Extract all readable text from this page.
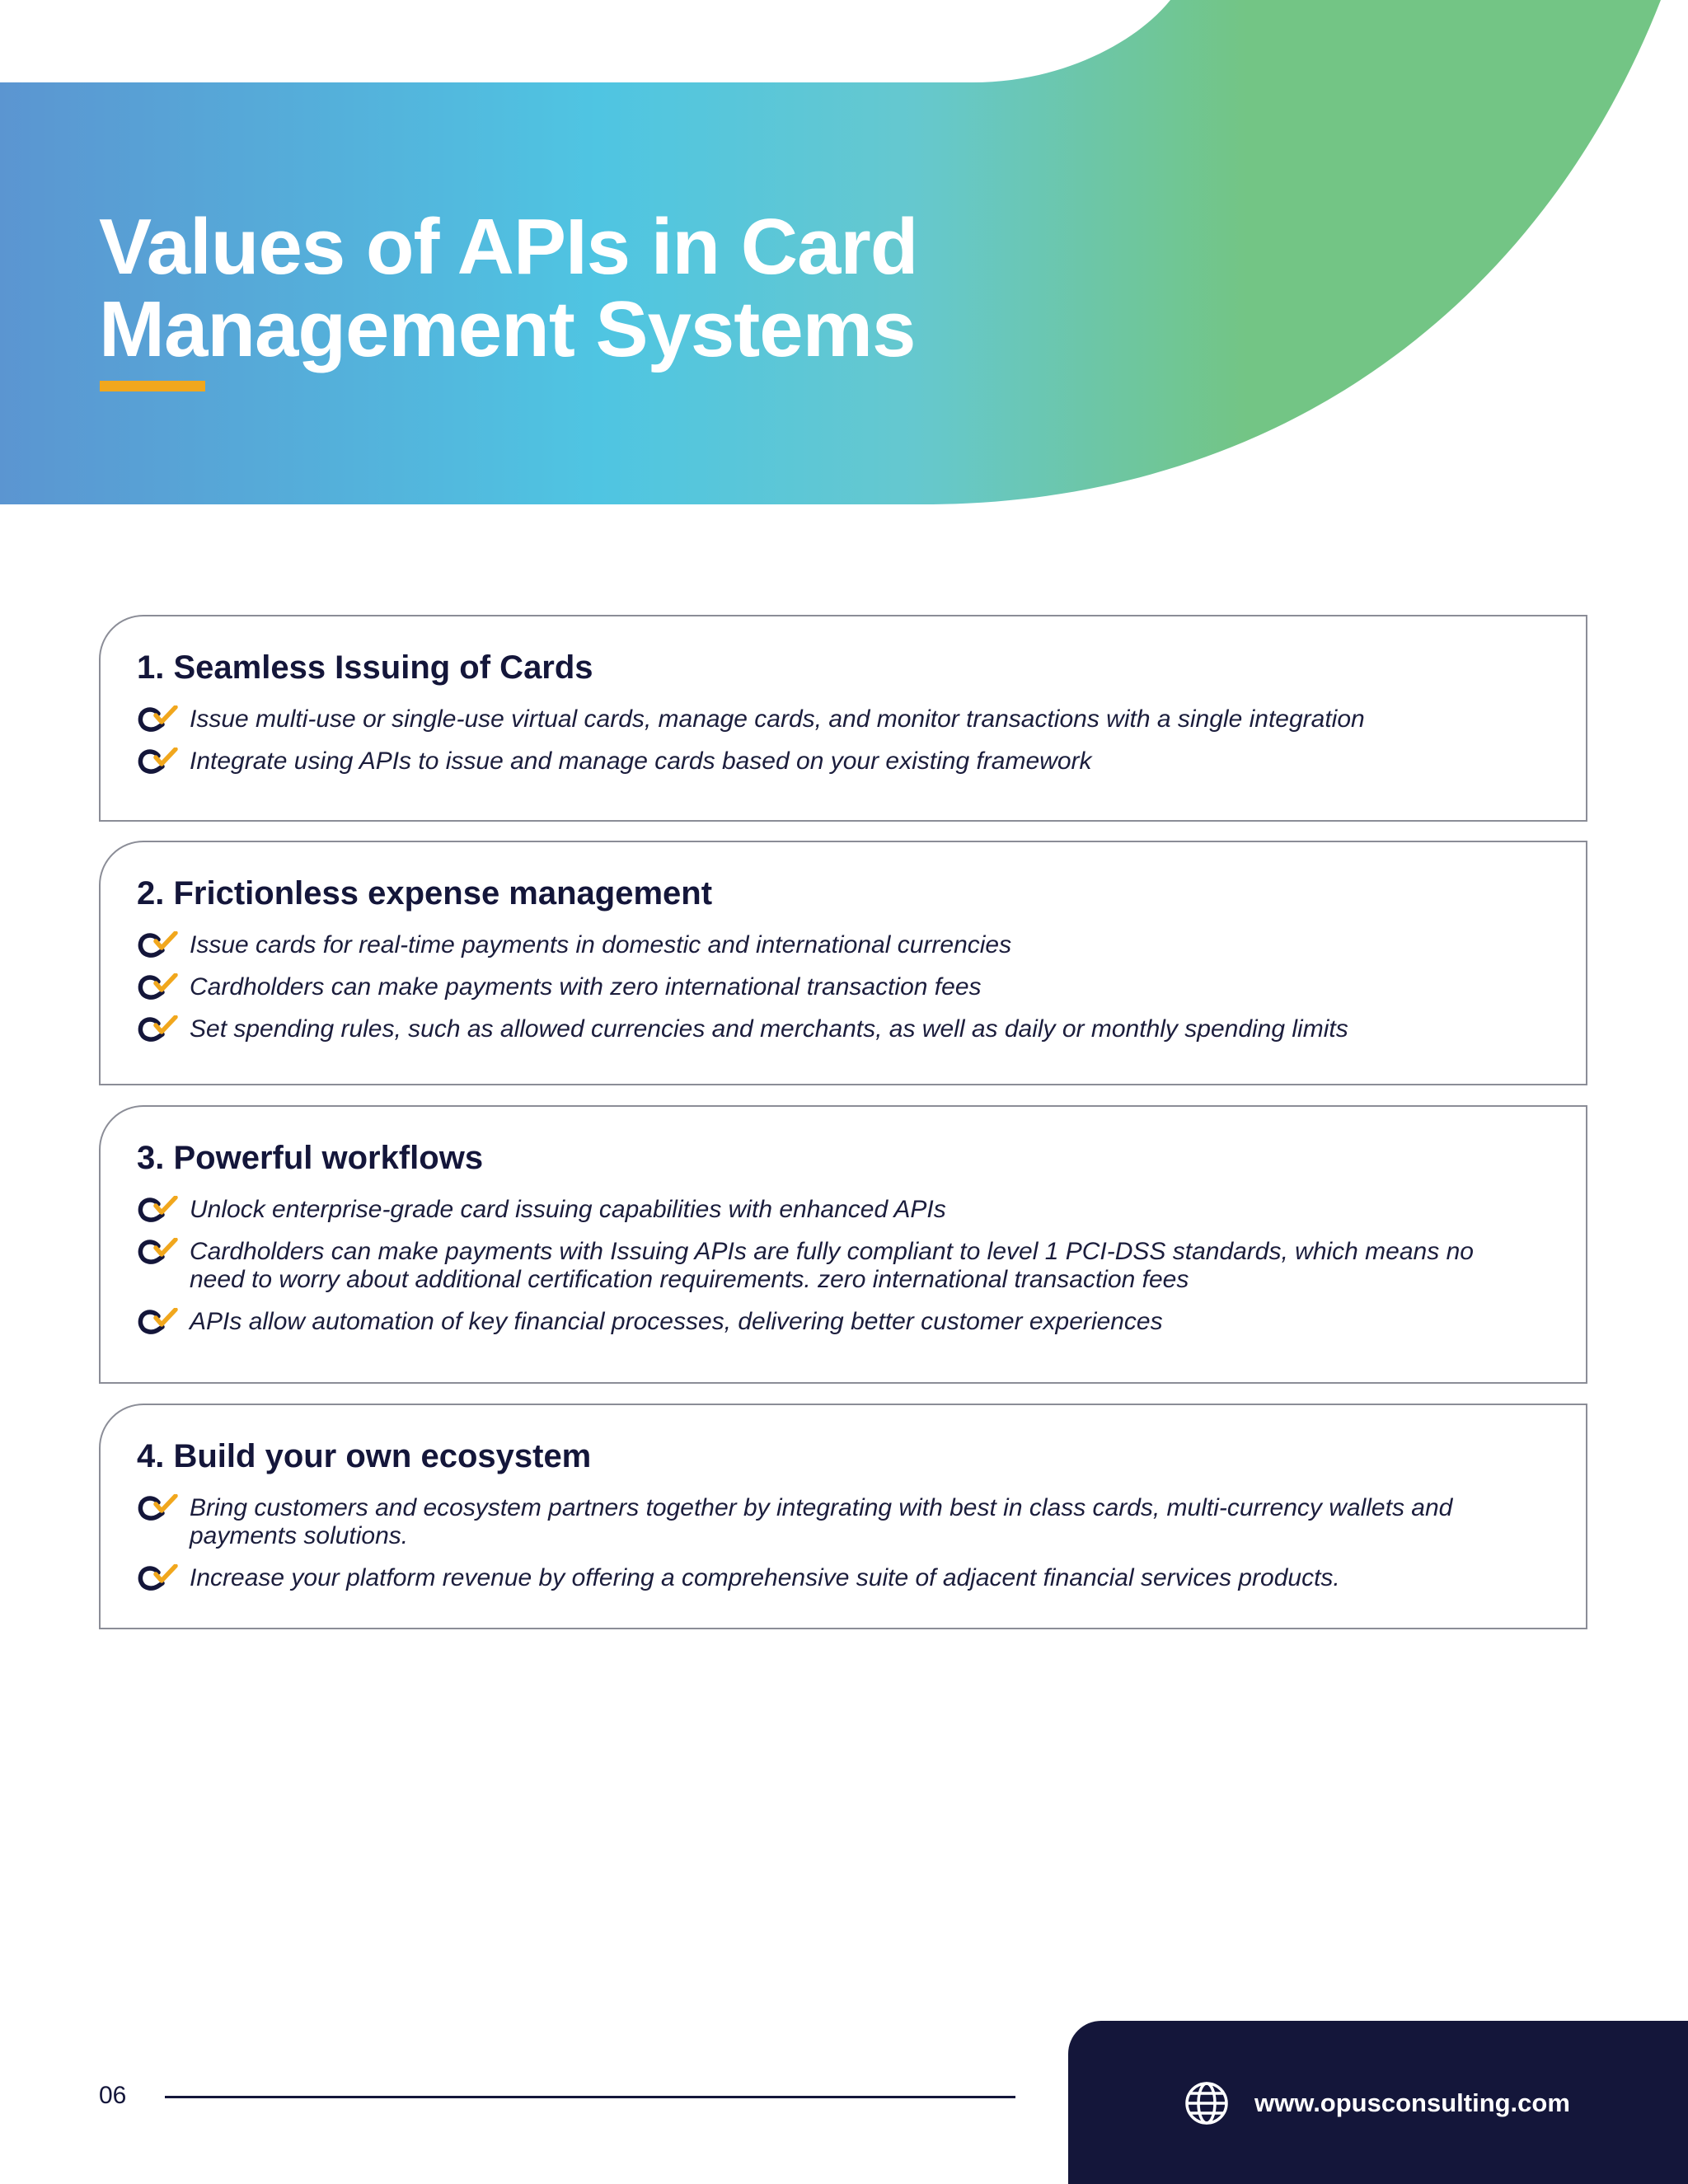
Values of APIs in Card
Management Systems
1. Seamless Issuing of Cards
Issue multi-use or single-use virtual cards, manage cards, and monitor transactions with a single integration
Integrate using APIs to issue and manage cards based on your existing framework
2. Frictionless expense management
Issue cards for real-time payments in domestic and international currencies
Cardholders can make payments with zero international transaction fees
Set spending rules, such as allowed currencies and merchants, as well as daily or monthly spending limits
3. Powerful workflows
Unlock enterprise-grade card issuing capabilities with enhanced APIs
Cardholders can make payments with Issuing APIs are fully compliant to level 1 PCI-DSS standards, which means no need to worry about additional certification requirements. zero international transaction fees
APIs allow automation of key financial processes, delivering better customer experiences
4. Build your own ecosystem
Bring customers and ecosystem partners together by integrating with best in class cards, multi-currency wallets and payments solutions.
Increase your platform revenue by offering a comprehensive suite of adjacent financial services products.
06	www.opusconsulting.com
